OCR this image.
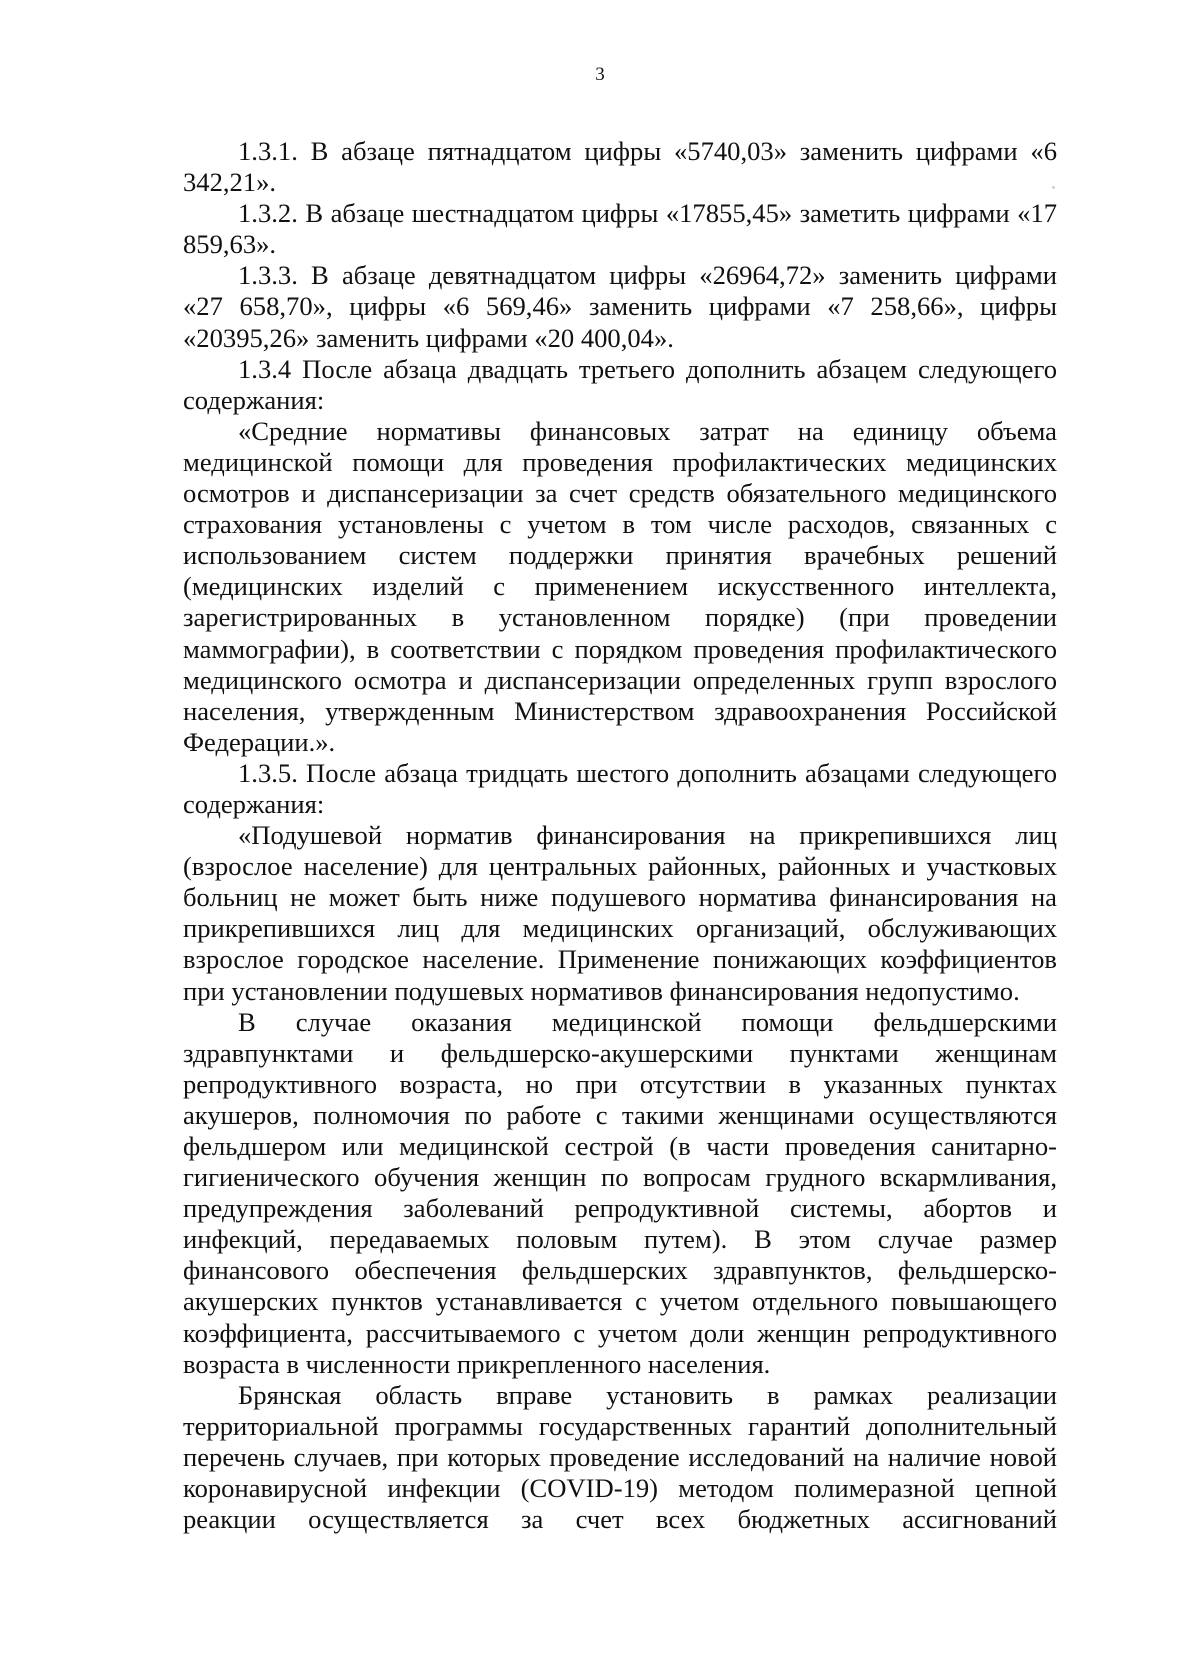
3

1.3.1. В абзаце пятнадцатом цифры «5740,03» заменить цифрами «6 342,21».

1.3.2. В абзаце шестнадцатом цифры «17855,45» заметить цифрами «17 859,63».

1.3.3. В абзаце девятнадцатом цифры «26964,72» заменить цифрами «27 658,70», цифры «6 569,46» заменить цифрами «7 258,66», цифры «20395,26» заменить цифрами «20 400,04».

1.3.4 После абзаца двадцать третьего дополнить абзацем следующего содержания:

«Средние нормативы финансовых затрат на единицу объема медицинской помощи для проведения профилактических медицинских осмотров и диспансеризации за счет средств обязательного медицинского страхования установлены с учетом в том числе расходов, связанных с использованием систем поддержки принятия врачебных решений (медицинских изделий с применением искусственного интеллекта, зарегистрированных в установленном порядке) (при проведении маммографии), в соответствии с порядком проведения профилактического медицинского осмотра и диспансеризации определенных групп взрослого населения, утвержденным Министерством здравоохранения Российской Федерации.».

1.3.5. После абзаца тридцать шестого дополнить абзацами следующего содержания:

«Подушевой норматив финансирования на прикрепившихся лиц (взрослое население) для центральных районных, районных и участковых больниц не может быть ниже подушевого норматива финансирования на прикрепившихся лиц для медицинских организаций, обслуживающих взрослое городское население. Применение понижающих коэффициентов при установлении подушевых нормативов финансирования недопустимо.

В случае оказания медицинской помощи фельдшерскими здравпунктами и фельдшерско-акушерскими пунктами женщинам репродуктивного возраста, но при отсутствии в указанных пунктах акушеров, полномочия по работе с такими женщинами осуществляются фельдшером или медицинской сестрой (в части проведения санитарно-гигиенического обучения женщин по вопросам грудного вскармливания, предупреждения заболеваний репродуктивной системы, абортов и инфекций, передаваемых половым путем). В этом случае размер финансового обеспечения фельдшерских здравпунктов, фельдшерско-акушерских пунктов устанавливается с учетом отдельного повышающего коэффициента, рассчитываемого с учетом доли женщин репродуктивного возраста в численности прикрепленного населения.

Брянская область вправе установить в рамках реализации территориальной программы государственных гарантий дополнительный перечень случаев, при которых проведение исследований на наличие новой коронавирусной инфекции (COVID-19) методом полимеразной цепной реакции осуществляется за счет всех бюджетных ассигнований
